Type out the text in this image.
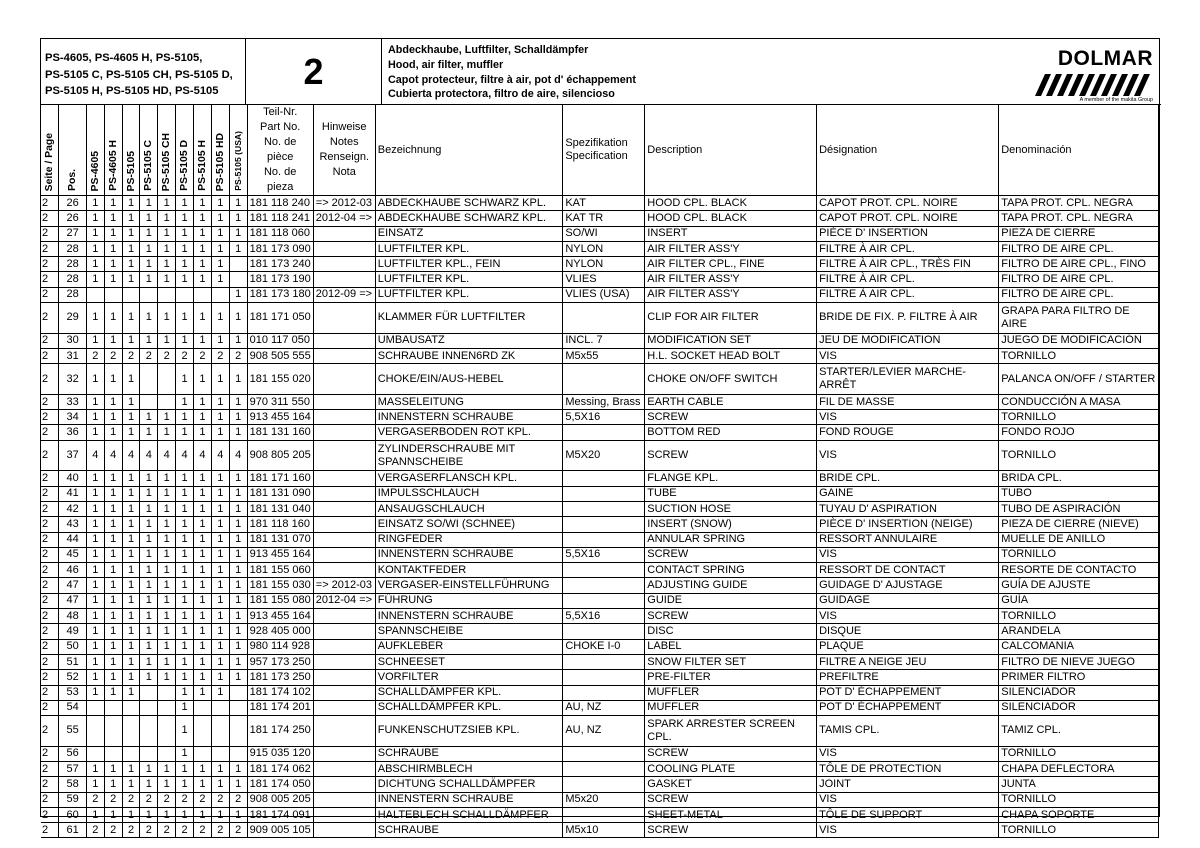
PS-4605, PS-4605 H, PS-5105,
PS-5105 C, PS-5105 CH, PS-5105 D,
PS-5105 H, PS-5105 HD, PS-5105	2
Abdeckhaube, Luftfilter, Schalldämpfer
Hood, air filter, muffler
Capot protecteur, filtre à air, pot d' échappement
Cubierta protectora, filtro de aire, silencioso
DOLMAR
A member of the makita Group
Seite / Page	Pos.	PS-4605	PS-4605 H	PS-5105	PS-5105 C	PS-5105 CH	PS-5105 D	PS-5105 H	PS-5105 HD	PS-5105 (USA)	Teil-Nr.
Part No.
No. de pièce
No. de pieza	Hinweise
Notes
Renseign.
Nota	Bezeichnung	Spezifikation
Specification	Description	Désignation	Denominación
2	26	1	1	1	1	1	1	1	1	1	181 118 240	=> 2012-03	ABDECKHAUBE SCHWARZ KPL.	KAT	HOOD CPL. BLACK	CAPOT PROT. CPL. NOIRE	TAPA PROT. CPL. NEGRA
2	26	1	1	1	1	1	1	1	1	1	181 118 241	2012-04 =>	ABDECKHAUBE SCHWARZ KPL.	KAT TR	HOOD CPL. BLACK	CAPOT PROT. CPL. NOIRE	TAPA PROT. CPL. NEGRA
2	27	1	1	1	1	1	1	1	1	1	181 118 060		EINSATZ	SO/WI	INSERT	PIÈCE D' INSERTION	PIEZA DE CIERRE
2	28	1	1	1	1	1	1	1	1	1	181 173 090		LUFTFILTER KPL.	NYLON	AIR FILTER ASS'Y	FILTRE À AIR CPL.	FILTRO DE AIRE CPL.
2	28	1	1	1	1	1	1	1	1		181 173 240		LUFTFILTER KPL., FEIN	NYLON	AIR FILTER CPL., FINE	FILTRE À AIR CPL., TRÈS FIN	FILTRO DE AIRE CPL., FINO
2	28	1	1	1	1	1	1	1	1		181 173 190		LUFTFILTER KPL.	VLIES	AIR FILTER ASS'Y	FILTRE À AIR CPL.	FILTRO DE AIRE CPL.
2	28									1	181 173 180	2012-09 =>	LUFTFILTER KPL.	VLIES (USA)	AIR FILTER ASS'Y	FILTRE À AIR CPL.	FILTRO DE AIRE CPL.
2	29	1	1	1	1	1	1	1	1	1	181 171 050		KLAMMER FÜR LUFTFILTER		CLIP FOR AIR FILTER	BRIDE DE FIX. P. FILTRE À AIR	GRAPA PARA FILTRO DE AIRE
2	30	1	1	1	1	1	1	1	1	1	010 117 050		UMBAUSATZ	INCL. 7	MODIFICATION SET	JEU DE MODIFICATION	JUEGO DE MODIFICACIÓN
2	31	2	2	2	2	2	2	2	2	2	908 505 555		SCHRAUBE INNEN6RD ZK	M5x55	H.L. SOCKET HEAD BOLT	VIS	TORNILLO
2	32	1	1	1			1	1	1	1	181 155 020		CHOKE/EIN/AUS-HEBEL		CHOKE ON/OFF SWITCH	STARTER/LEVIER MARCHE-ARRÊT	PALANCA ON/OFF / STARTER
2	33	1	1	1			1	1	1	1	970 311 550		MASSELEITUNG	Messing, Brass	EARTH CABLE	FIL DE MASSE	CONDUCCIÓN A MASA
2	34	1	1	1	1	1	1	1	1	1	913 455 164		INNENSTERN SCHRAUBE	5,5X16	SCREW	VIS	TORNILLO
2	36	1	1	1	1	1	1	1	1	1	181 131 160		VERGASERBODEN ROT KPL.		BOTTOM RED	FOND ROUGE	FONDO ROJO
2	37	4	4	4	4	4	4	4	4	4	908 805 205		ZYLINDERSCHRAUBE MIT SPANNSCHEIBE	M5X20	SCREW	VIS	TORNILLO
2	40	1	1	1	1	1	1	1	1	1	181 171 160		VERGASERFLANSCH KPL.		FLANGE KPL.	BRIDE CPL.	BRIDA CPL.
2	41	1	1	1	1	1	1	1	1	1	181 131 090		IMPULSSCHLAUCH		TUBE	GAINE	TUBO
2	42	1	1	1	1	1	1	1	1	1	181 131 040		ANSAUGSCHLAUCH		SUCTION HOSE	TUYAU D' ASPIRATION	TUBO DE ASPIRACIÓN
2	43	1	1	1	1	1	1	1	1	1	181 118 160		EINSATZ SO/WI (SCHNEE)		INSERT (SNOW)	PIÈCE D' INSERTION (NEIGE)	PIEZA DE CIERRE (NIEVE)
2	44	1	1	1	1	1	1	1	1	1	181 131 070		RINGFEDER		ANNULAR SPRING	RESSORT ANNULAIRE	MUELLE DE ANILLO
2	45	1	1	1	1	1	1	1	1	1	913 455 164		INNENSTERN SCHRAUBE	5,5X16	SCREW	VIS	TORNILLO
2	46	1	1	1	1	1	1	1	1	1	181 155 060		KONTAKTFEDER		CONTACT SPRING	RESSORT DE CONTACT	RESORTE DE CONTACTO
2	47	1	1	1	1	1	1	1	1	1	181 155 030	=> 2012-03	VERGASER-EINSTELLFÜHRUNG		ADJUSTING GUIDE	GUIDAGE D' AJUSTAGE	GUÍA DE AJUSTE
2	47	1	1	1	1	1	1	1	1	1	181 155 080	2012-04 =>	FÜHRUNG		GUIDE	GUIDAGE	GUÍA
2	48	1	1	1	1	1	1	1	1	1	913 455 164		INNENSTERN SCHRAUBE	5,5X16	SCREW	VIS	TORNILLO
2	49	1	1	1	1	1	1	1	1	1	928 405 000		SPANNSCHEIBE		DISC	DISQUE	ARANDELA
2	50	1	1	1	1	1	1	1	1	1	980 114 928		AUFKLEBER	CHOKE I-0	LABEL	PLAQUE	CALCOMANIA
2	51	1	1	1	1	1	1	1	1	1	957 173 250		SCHNEESET		SNOW FILTER SET	FILTRE A NEIGE JEU	FILTRO DE NIEVE JUEGO
2	52	1	1	1	1	1	1	1	1	1	181 173 250		VORFILTER		PRE-FILTER	PREFILTRE	PRIMER FILTRO
2	53	1	1	1			1	1	1		181 174 102		SCHALLDÄMPFER KPL.		MUFFLER	POT D' ÉCHAPPEMENT	SILENCIADOR
2	54						1				181 174 201		SCHALLDÄMPFER KPL.	AU, NZ	MUFFLER	POT D' ÉCHAPPEMENT	SILENCIADOR
2	55						1				181 174 250		FUNKENSCHUTZSIEB KPL.	AU, NZ	SPARK ARRESTER SCREEN CPL.	TAMIS CPL.	TAMIZ CPL.
2	56						1				915 035 120		SCHRAUBE		SCREW	VIS	TORNILLO
2	57	1	1	1	1	1	1	1	1	1	181 174 062		ABSCHIRMBLECH		COOLING PLATE	TÔLE DE PROTECTION	CHAPA DEFLECTORA
2	58	1	1	1	1	1	1	1	1	1	181 174 050		DICHTUNG SCHALLDÄMPFER		GASKET	JOINT	JUNTA
2	59	2	2	2	2	2	2	2	2	2	908 005 205		INNENSTERN SCHRAUBE	M5x20	SCREW	VIS	TORNILLO
2	60	1	1	1	1	1	1	1	1	1	181 174 091		HALTEBLECH SCHALLDÄMPFER		SHEET-METAL	TÔLE DE SUPPORT	CHAPA SOPORTE
2	61	2	2	2	2	2	2	2	2	2	909 005 105		SCHRAUBE	M5x10	SCREW	VIS	TORNILLO
